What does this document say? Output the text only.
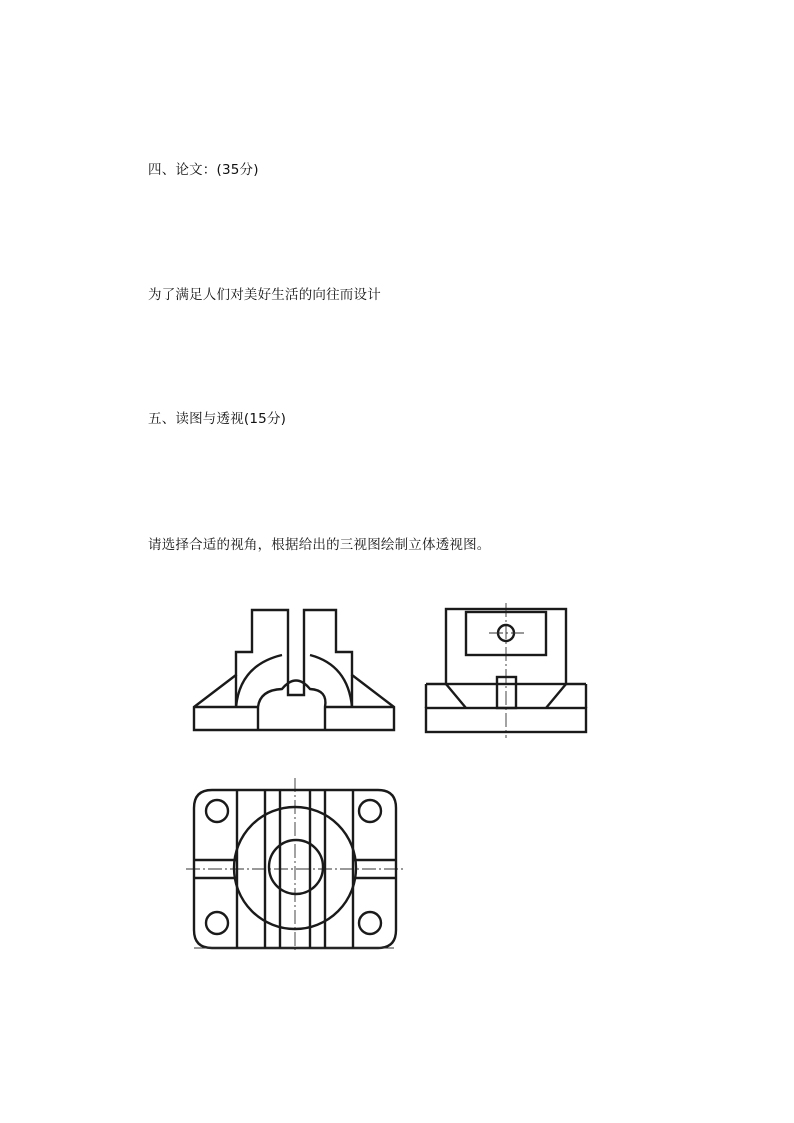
四、论文：(35分)
为了满足人们对美好生活的向往而设计
五、读图与透视(15分)
请选择合适的视角，根据给出的三视图绘制立体透视图。
